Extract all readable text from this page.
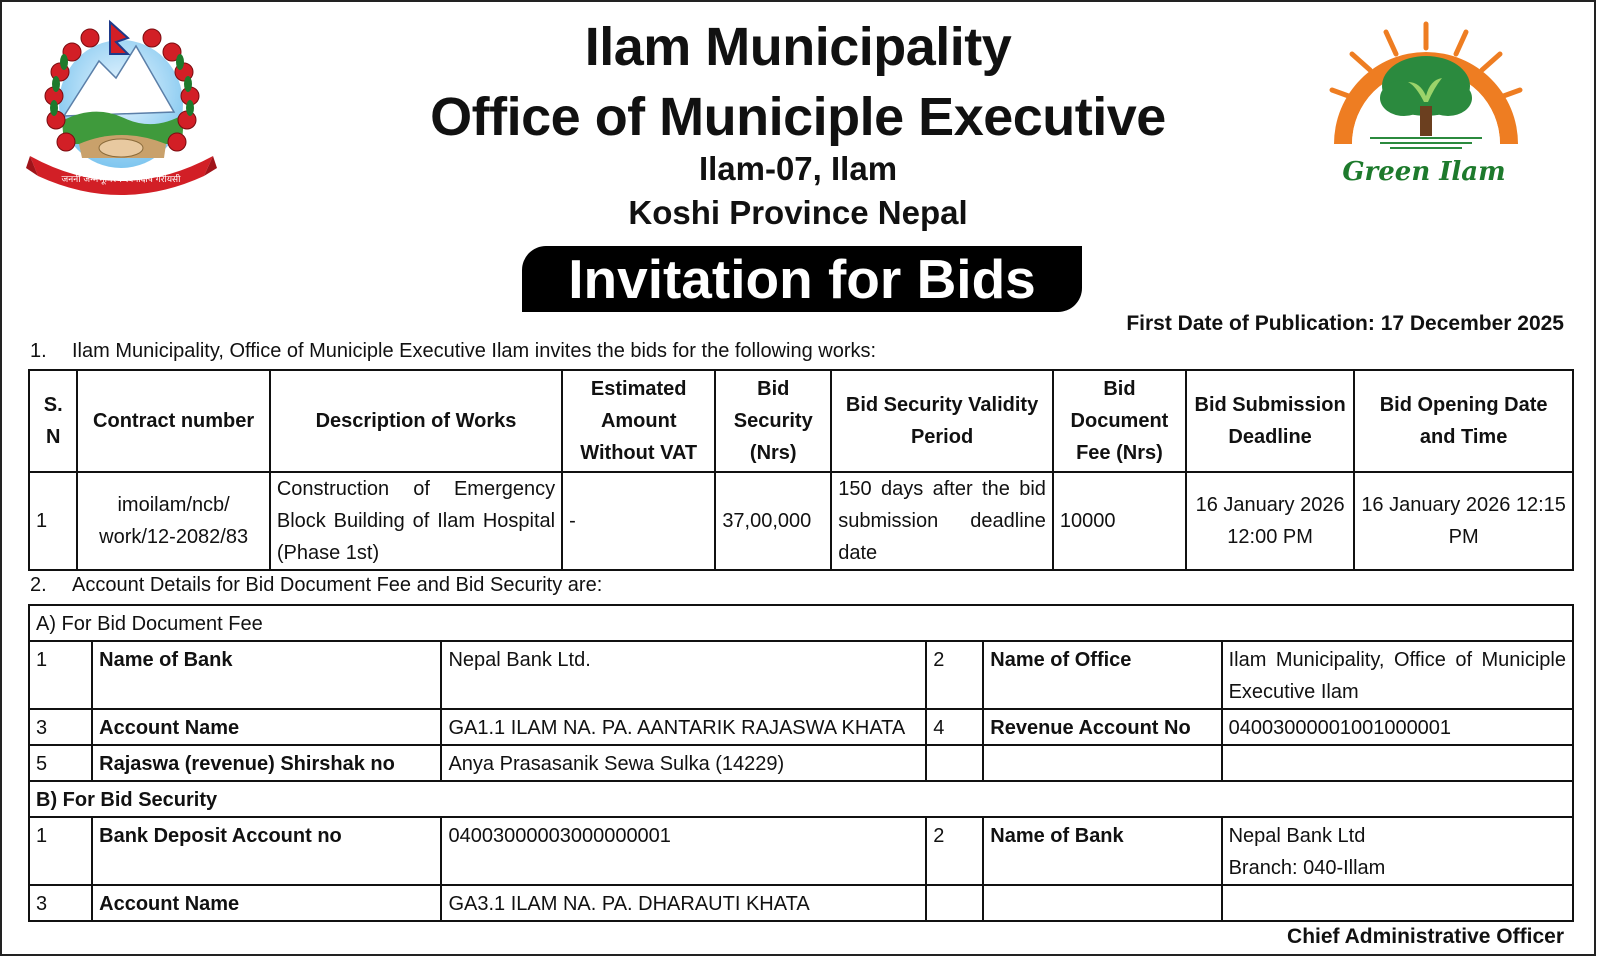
जननी जन्मभूमिश्च स्वर्गादपि गरीयसी	Green Ilam
Ilam Municipality
Office of Municiple Executive
Ilam-07, Ilam
Koshi Province Nepal
Invitation for Bids
First Date of Publication: 17 December 2025
1. Ilam Municipality, Office of Municiple Executive Ilam invites the bids for the following works:
S. N	Contract number	Description of Works	Estimated Amount Without VAT	Bid Security (Nrs)	Bid Security Validity Period	Bid Document Fee (Nrs)	Bid Submission Deadline	Bid Opening Date and Time
1	imoilam/ncb/ work/12-2082/83	Construction of Emergency Block Building of Ilam Hospital (Phase 1st)	-	37,00,000	150 days after the bid submission deadline date	10000	16 January 2026 12:00 PM	16 January 2026 12:15 PM
2. Account Details for Bid Document Fee and Bid Security are:
A) For Bid Document Fee					
1	Name of Bank	Nepal Bank Ltd.	2	Name of Office	Ilam Municipality, Office of Municiple Executive Ilam
3	Account Name	GA1.1 ILAM NA. PA. AANTARIK RAJASWA KHATA	4	Revenue Account No	04003000001001000001
5	Rajaswa (revenue) Shirshak no	Anya Prasasanik Sewa Sulka (14229)			
B) For Bid Security					
1	Bank Deposit Account no	04003000003000000001	2	Name of Bank	Nepal Bank Ltd
Branch: 040-Illam

3	Account Name	GA3.1 ILAM NA. PA. DHARAUTI KHATA			
Chief Administrative Officer
